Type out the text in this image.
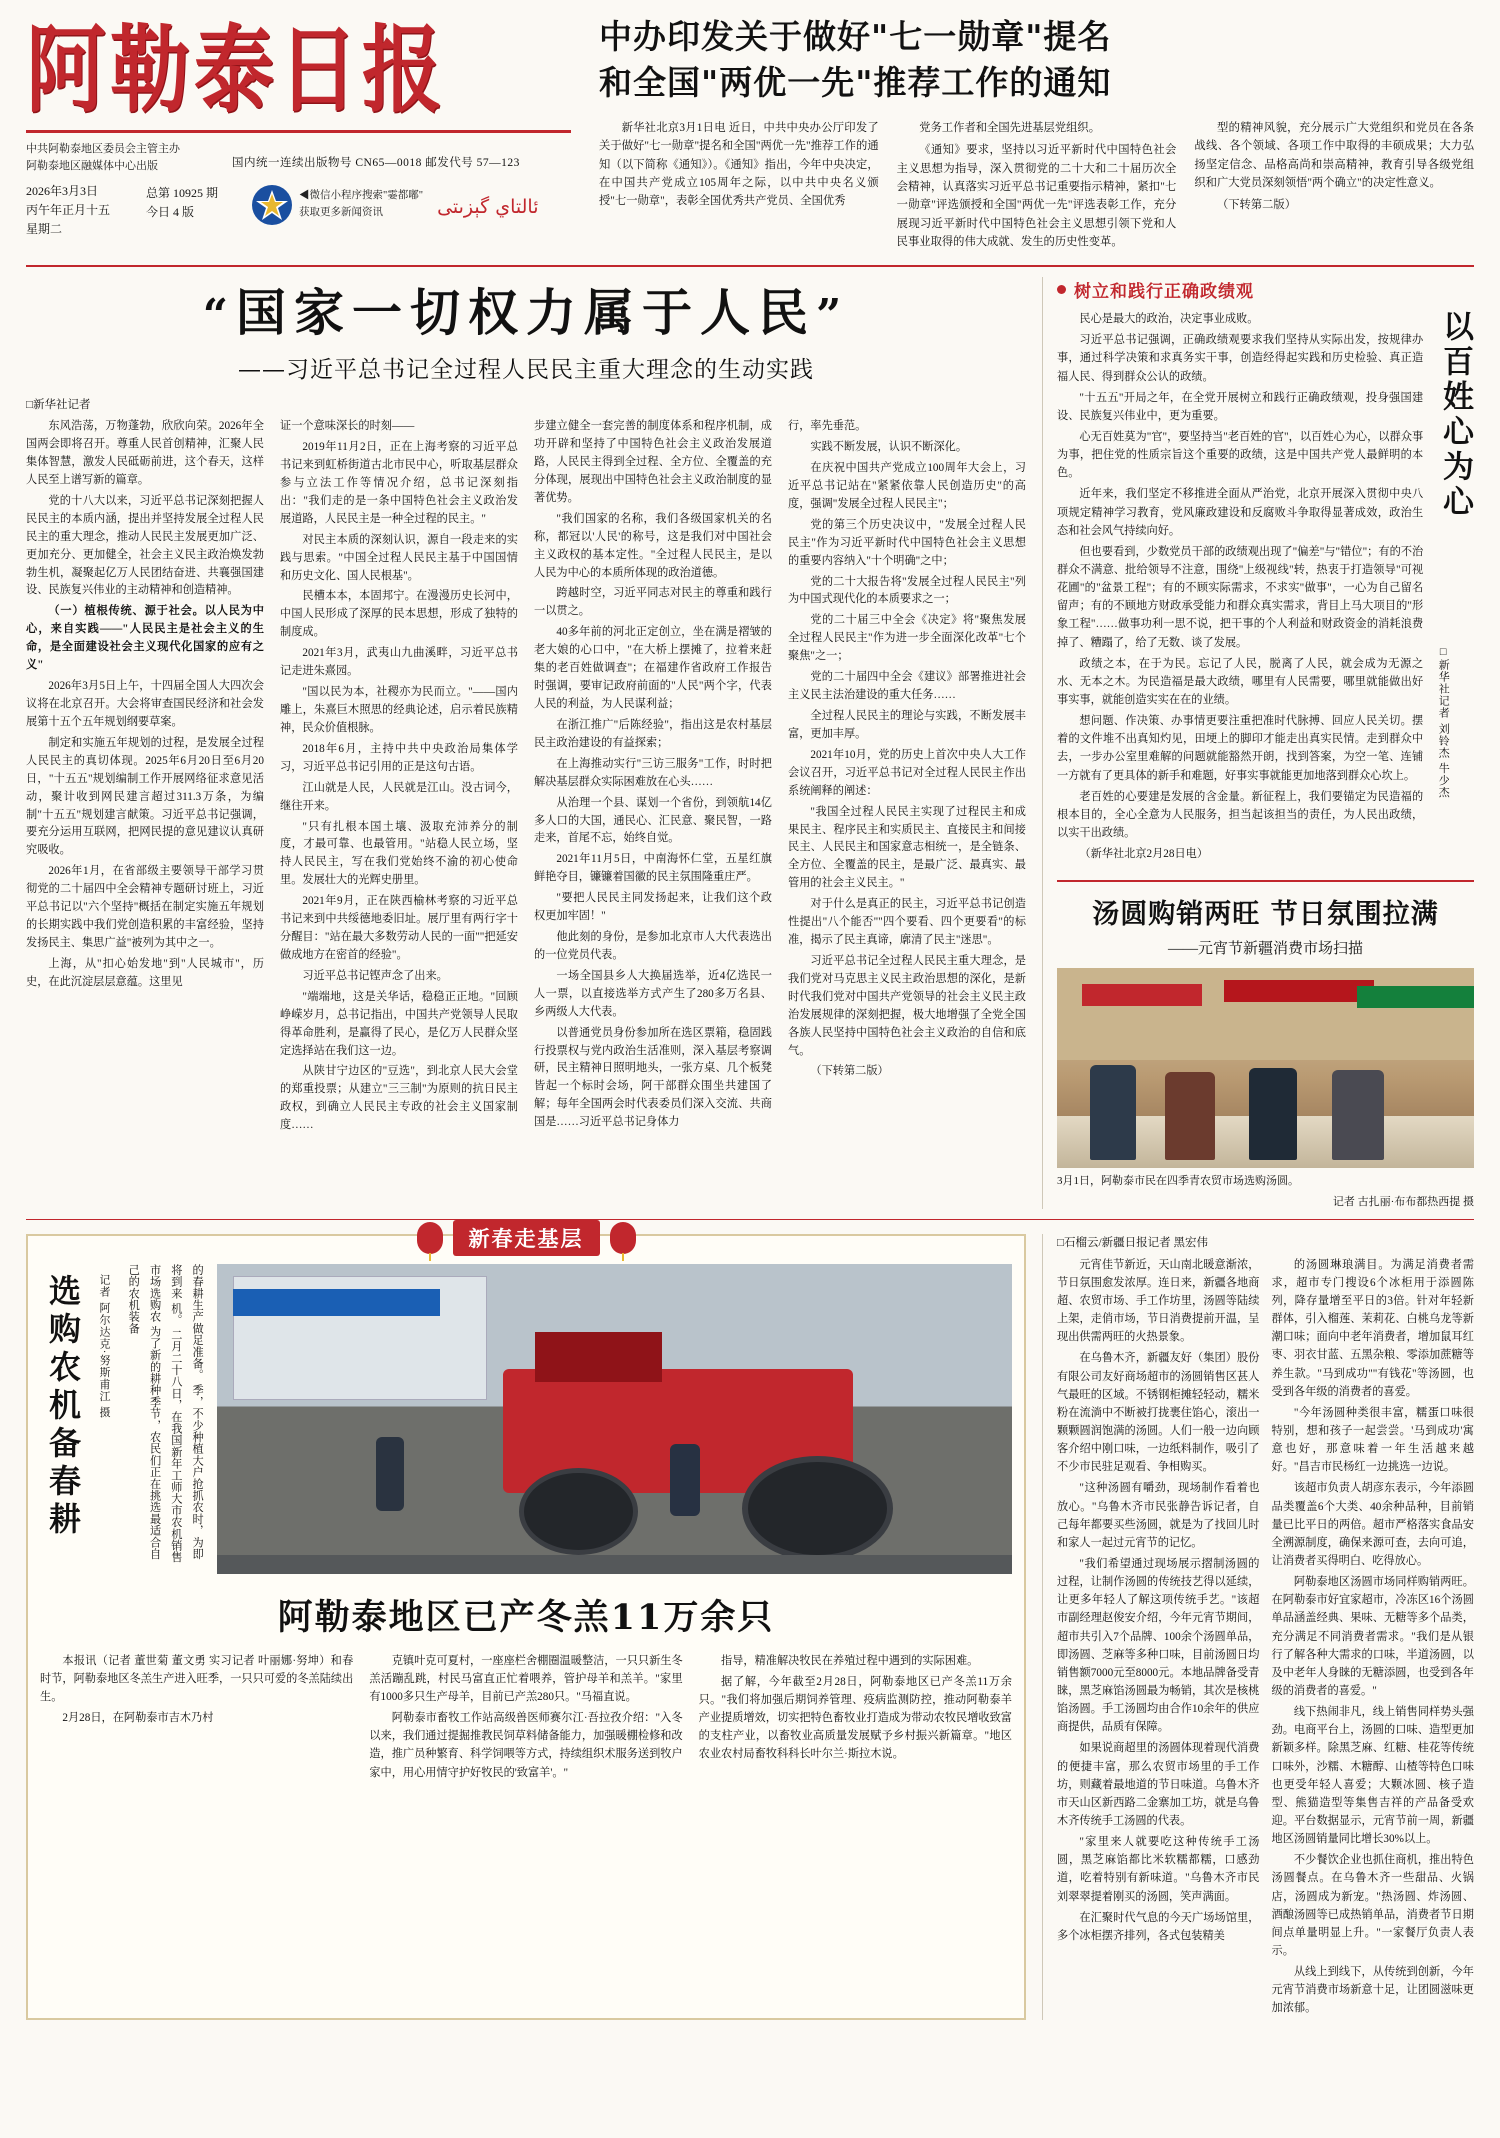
阿勒泰日报
中共阿勒泰地区委员会主管主办
阿勒泰地区融媒体中心出版	国内统一连续出版物号 CN65—0018 邮发代号 57—123
2026年3月3日
丙午年正月十五
星期二
总第 10925 期
今日 4 版
◀微信小程序搜索"霎都嘟"
获取更多新闻资讯	ئالتاي گېزىتى
中办印发关于做好"七一勋章"提名
和全国"两优一先"推荐工作的通知

新华社北京3月1日电 近日，中共中央办公厅印发了关于做好"七一勋章"提名和全国"两优一先"推荐工作的通知（以下简称《通知》）。《通知》指出，今年中央决定，在中国共产党成立105周年之际，以中共中央名义颁授"七一勋章"，表彰全国优秀共产党员、全国优秀

党务工作者和全国先进基层党组织。

《通知》要求，坚持以习近平新时代中国特色社会主义思想为指导，深入贯彻党的二十大和二十届历次全会精神，认真落实习近平总书记重要指示精神，紧扣"七一勋章"评选颁授和全国"两优一先"评选表彰工作，充分展现习近平新时代中国特色社会主义思想引领下党和人民事业取得的伟大成就、发生的历史性变革。

型的精神风貌，充分展示广大党组织和党员在各条战线、各个领域、各项工作中取得的丰硕成果；大力弘扬坚定信念、品格高尚和崇高精神，教育引导各级党组织和广大党员深刻领悟"两个确立"的决定性意义。

（下转第二版）

“国家一切权力属于人民”
——习近平总书记全过程人民民主重大理念的生动实践
□新华社记者

东风浩荡，万物蓬勃，欣欣向荣。2026年全国两会即将召开。尊重人民首创精神，汇聚人民集体智慧，激发人民砥砺前进，这个春天，这样人民至上谱写新的篇章。

党的十八大以来，习近平总书记深刻把握人民民主的本质内涵，提出并坚持发展全过程人民民主的重大理念，推动人民民主发展更加广泛、更加充分、更加健全，社会主义民主政治焕发勃勃生机，凝聚起亿万人民团结奋进、共襄强国建设、民族复兴伟业的主动精神和创造精神。

（一）植根传统、源于社会。以人民为中心，来自实践——"人民民主是社会主义的生命，是全面建设社会主义现代化国家的应有之义"

2026年3月5日上午，十四届全国人大四次会议将在北京召开。大会将审查国民经济和社会发展第十五个五年规划纲要草案。

制定和实施五年规划的过程，是发展全过程人民民主的真切体现。2025年6月20日至6月20日，"十五五"规划编制工作开展网络征求意见活动，聚计收到网民建言超过311.3万条，为编制"十五五"规划建言献策。习近平总书记强调，要充分运用互联网，把网民提的意见建议认真研究吸收。

2026年1月，在省部级主要领导干部学习贯彻党的二十届四中全会精神专题研讨班上，习近平总书记以"六个坚持"概括在制定实施五年规划的长期实践中我们党创造积累的丰富经验，坚持发扬民主、集思广益"被列为其中之一。

上海，从"扣心始发地"到"人民城市"，历史，在此沉淀层层意蕴。这里见

证一个意味深长的时刻——

2019年11月2日，正在上海考察的习近平总书记来到虹桥街道古北市民中心，听取基层群众参与立法工作等情况介绍，总书记深刻指出："我们走的是一条中国特色社会主义政治发展道路，人民民主是一种全过程的民主。"

对民主本质的深刻认识，源自一段走来的实践与思索。"中国全过程人民民主基于中国国情和历史文化、国人民根基"。

民槽本本，本固邦宁。在漫漫历史长河中，中国人民形成了深厚的民本思想，形成了独特的制度成。

2021年3月，武夷山九曲溪畔，习近平总书记走进朱熹园。

"国以民为本，社稷亦为民而立。"——国内雕上，朱熹巨木照思的经典论述，启示着民族精神，民众价值根脉。

2018年6月，主持中共中央政治局集体学习，习近平总书记引用的正是这句古语。

江山就是人民，人民就是江山。没古词今，继往开来。

"只有扎根本国土壤、汲取充沛养分的制度，才最可靠、也最管用。"站稳人民立场，坚持人民民主，写在我们党始终不渝的初心使命里。发展壮大的光辉史册里。

2021年9月，正在陕西榆林考察的习近平总书记来到中共绥德地委旧址。展厅里有两行字十分醒目："站在最大多数劳动人民的一面""把延安做成地方在密首的经验"。

习近平总书记铿声念了出来。

"端端地，这是关华话，稳稳正正地。"回顾峥嵘岁月，总书记指出，中国共产党领导人民取得革命胜利，是赢得了民心，是亿万人民群众坚定选择站在我们这一边。

从陕甘宁边区的"豆选"，到北京人民大会堂的郑重投票；从建立"三三制"为原则的抗日民主政权，到确立人民民主专政的社会主义国家制度……

步建立健全一套完善的制度体系和程序机制，成功开辟和坚持了中国特色社会主义政治发展道路，人民民主得到全过程、全方位、全覆盖的充分体现，展现出中国特色社会主义政治制度的显著优势。

"我们国家的名称，我们各级国家机关的名称，都冠以'人民'的称号，这是我们对中国社会主义政权的基本定性。"全过程人民民主，是以人民为中心的本质所体现的政治道德。

跨越时空，习近平同志对民主的尊重和践行一以贯之。

40多年前的河北正定创立，坐在满是褶皱的老大娘的心口中，"在大桥上摆摊了，拉着来赶集的老百姓做调查"；在福建作省政府工作报告时强调，要审记政府前面的"人民"两个字，代表人民的利益，为人民谋利益；

在浙江推广"后陈经验"，指出这是农村基层民主政治建设的有益探索；

在上海推动实行"三访三服务"工作，时时把解决基层群众实际困难放在心头……

从治理一个县、谋划一个省份，到领航14亿多人口的大国，通民心、汇民意、聚民智，一路走来，首尾不忘，始终自觉。

2021年11月5日，中南海怀仁堂，五星红旗鲜艳夺目，镰镰着国徽的民主氛围隆重庄严。

"要把人民民主同发扬起来，让我们这个政权更加牢固！"

他此刻的身份，是参加北京市人大代表选出的一位党员代表。

一场全国县乡人大换届选举，近4亿选民一人一票，以直接选举方式产生了280多万名县、乡两级人大代表。

以普通党员身份参加所在选区票箱，稳固践行投票权与党内政治生活准则，深入基层考察调研，民主精神日照明地头，一张方桌、几个板凳皆起一个标时会场，阿干部群众围坐共建国了解；每年全国两会时代表委员们深入交流、共商国是……习近平总书记身体力

行，率先垂范。

实践不断发展，认识不断深化。

在庆祝中国共产党成立100周年大会上，习近平总书记站在"紧紧依靠人民创造历史"的高度，强调"发展全过程人民民主"；

党的第三个历史决议中，"发展全过程人民民主"作为习近平新时代中国特色社会主义思想的重要内容纳入"十个明确"之中；

党的二十大报告将"发展全过程人民民主"列为中国式现代化的本质要求之一；

党的二十届三中全会《决定》将"聚焦发展全过程人民民主"作为进一步全面深化改革"七个聚焦"之一；

党的二十届四中全会《建议》部署推进社会主义民主法治建设的重大任务……

全过程人民民主的理论与实践，不断发展丰富，更加丰厚。

2021年10月，党的历史上首次中央人大工作会议召开，习近平总书记对全过程人民民主作出系统阐释的阐述：

"我国全过程人民民主实现了过程民主和成果民主、程序民主和实质民主、直接民主和间接民主、人民民主和国家意志相统一，是全链条、全方位、全覆盖的民主，是最广泛、最真实、最管用的社会主义民主。"

对于什么是真正的民主，习近平总书记创造性提出"八个能否""四个要看、四个更要看"的标准，揭示了民主真谛，廓清了民主"迷思"。

习近平总书记全过程人民民主重大理念，是我们党对马克思主义民主政治思想的深化，是新时代我们党对中国共产党领导的社会主义民主政治发展规律的深刻把握，极大地增强了全党全国各族人民坚持中国特色社会主义政治的自信和底气。

（下转第二版）

树立和践行正确政绩观

民心是最大的政治，决定事业成败。

习近平总书记强调，正确政绩观要求我们坚持从实际出发，按规律办事，通过科学决策和求真务实干事，创造经得起实践和历史检验、真正造福人民、得到群众公认的政绩。

"十五五"开局之年，在全党开展树立和践行正确政绩观，投身强国建设、民族复兴伟业中，更为重要。

心无百姓莫为"官"，要坚持当"老百姓的官"，以百姓心为心，以群众事为事，把住党的性质宗旨这个重要的政绩，这是中国共产党人最鲜明的本色。

近年来，我们坚定不移推进全面从严治党，北京开展深入贯彻中央八项规定精神学习教育，党风廉政建设和反腐败斗争取得显著成效，政治生态和社会风气持续向好。

但也要看到，少数党员干部的政绩观出现了"偏差"与"错位"；有的不治群众不满意、批给领导不注意，围绕"上级视线"转，热衷于打造领导"可视花圃"的"盆景工程"；有的不顾实际需求，不求实"做事"，一心为自己留名留声；有的不顾地方财政承受能力和群众真实需求，背目上马大项目的"形象工程"……做事功利一思不说，把干事的个人利益和财政资金的消耗浪费掉了、糟蹋了，给了无数、谈了发展。

政绩之本，在于为民。忘记了人民，脱离了人民，就会成为无源之水、无本之木。为民造福是最大政绩，哪里有人民需要，哪里就能做出好事实事，就能创造实实在在的业绩。

想问题、作决策、办事情更要注重把准时代脉搏、回应人民关切。摆着的文件堆不出真知灼见，田埂上的脚印才能走出真实民情。走到群众中去，一步办公室里难解的问题就能豁然开朗，找到答案，为空一笔、连铺一方就有了更具体的新手和难题，好事实事就能更加地落到群众心坎上。

老百姓的心要建是发展的含金量。新征程上，我们要锚定为民造福的根本目的，全心全意为人民服务，担当起该担当的责任，为人民出政绩，以实干出政绩。

（新华社北京2月28日电）

以百姓心为心
□新华社记者 刘铃杰 牛少杰
汤圆购销两旺 节日氛围拉满
——元宵节新疆消费市场扫描
3月1日，阿勒泰市民在四季青农贸市场选购汤圆。
记者 古扎丽·布布都热西提 摄
新春走基层
选购农机备春耕	记者 阿尔达克·努斯甫江 摄	的春耕生产做足准备。 季，不少种植大户抢抓农时，为即将到来 机。 二月二十八日，在我国新年工师大市农机销售市场选购农 为了新的耕种季节，农民们正在挑选最适合自己的农机装备
阿勒泰地区已产冬羔11万余只

本报讯（记者 董世菊 董文勇 实习记者 叶丽娜·努坤）和春时节，阿勒泰地区冬羔生产进入旺季，一只只可爱的冬羔陆续出生。

2月28日，在阿勒泰市吉木乃村

克镇叶克可夏村，一座座栏舍棚圈温暖整洁，一只只新生冬羔活蹦乱跳，村民马富直正忙着喂养，管护母羊和羔羊。"家里有1000多只生产母羊，目前已产羔280只。"马福直说。

阿勒泰市畜牧工作站高级兽医师赛尔江·吾拉孜介绍："入冬以来，我们通过提掘推教民饲草料储备能力，加强暖棚检修和改造，推广员种繁育、科学饲喂等方式，持续组织术服务送到牧户家中，用心用情守护好牧民的'致富羊'。"

指导，精准解决牧民在养殖过程中遇到的实际困难。

据了解，今年截至2月28日，阿勒泰地区已产冬羔11万余只。"我们将加强后期饲养管理、疫病监测防控，推动阿勒泰羊产业提质增效，切实把特色畜牧业打造成为带动农牧民增收致富的支柱产业，以畜牧业高质量发展赋予乡村振兴新篇章。"地区农业农村局畜牧科科长叶尔兰·斯拉木说。

□石榴云/新疆日报记者 黑宏伟

元宵佳节新近，天山南北暖意渐浓，节日氛围愈发浓厚。连日来，新疆各地商超、农贸市场、手工作坊里，汤圆等陆续上架，走俏市场，节日消费提前开温，呈现出供需两旺的火热景象。

在乌鲁木齐，新疆友好（集团）股份有限公司友好商场超市的汤圆销售区甚人气最旺的区域。不锈钢柜摊轻轻动，糯米粉在流淌中不断被打拢裹住馅心，滚出一颗颗圆润饱满的汤圆。人们一般一边向顾客介绍中刚口味，一边纸料制作，吸引了不少市民驻足观看、争相购买。

"这种汤圆有嚼劲，现场制作看着也放心。"乌鲁木齐市民张静告诉记者，自己每年都要买些汤圆，就是为了找回儿时和家人一起过元宵节的记忆。

"我们希望通过现场展示摺制汤圆的过程，让制作汤圆的传统技艺得以延续，让更多年轻人了解这项传统手艺。"该超市副经理赵俊安介绍，今年元宵节期间，超市共引入7个品牌、100余个汤圆单品，即汤圆、芝麻等多种口味，目前汤圆日均销售额7000元至8000元。本地品牌备受青睐，黑芝麻馅汤圆最为畅销，其次是核桃馅汤圆。手工汤圆均由合作10余年的供应商提供，品质有保障。

如果说商超里的汤圆体现着现代消费的便捷丰富，那么农贸市场里的手工作坊，则藏着最地道的节日味道。乌鲁木齐市天山区新西路二金寨加工坊，就是乌鲁木齐传统手工汤圆的代表。

"家里来人就要吃这种传统手工汤圆，黑芝麻馅都比米软糯都糯，口感劲道，吃着特别有新味道。"乌鲁木齐市民刘翠翠提着刚买的汤圆，笑声满面。

在汇聚时代气息的今天广场场馆里，多个冰柜摆齐排列，各式包装精美

的汤圆琳琅满目。为满足消费者需求，超市专门搜设6个冰柜用于添圆陈列，降存量增至平日的3倍。针对年轻新群体，引入榴莲、茉莉花、白桃乌龙等新潮口味；面向中老年消费者，增加鼠耳红枣、羽衣甘蓝、五黑杂粮、零添加蔗糖等养生款。"马到成功""有钱花"等汤圆，也受到各年级的消费者的喜爱。

"今年汤圆种类很丰富，糯蛋口味很特别，想和孩子一起尝尝。'马到成功'寓意也好，那意味着一年生活越来越好。"昌吉市民杨红一边挑选一边说。

该超市负责人胡彦东表示，今年添圆品类覆盖6个大类、40余种品种，目前销量已比平日的两倍。超市严格落实食品安全溯源制度，确保来源可查，去向可追，让消费者买得明白、吃得放心。

阿勒泰地区汤圆市场同样购销两旺。在阿勒泰市好宜家超市，冷冻区16个汤圆单品涵盖经典、果味、无糖等多个品类，充分满足不同消费者需求。"我们是从银行了解各种大需求的口味，半道汤圆，以及中老年人身睐的无糖添圆，也受到各年级的消费者的喜爱。"

线下热闹非凡，线上销售同样势头强劲。电商平台上，汤圆的口味、造型更加新颖多样。除黑芝麻、红糖、桂花等传统口味外，沙糯、木糖醇、山楂等特色口味也更受年轻人喜爱；大颗冰圆、核子造型、熊猫造型等集售吉祥的产品备受欢迎。平台数据显示，元宵节前一周，新疆地区汤圆销量同比增长30%以上。

不少餐饮企业也抓住商机，推出特色汤圆餐点。在乌鲁木齐一些甜品、火锅店，汤圆成为新宠。"热汤圆、炸汤圆、酒酿汤圆等已成热销单品，消费者节日期间点单量明显上升。"一家餐厅负责人表示。

从线上到线下，从传统到创新，今年元宵节消费市场新意十足，让团圆滋味更加浓郁。
